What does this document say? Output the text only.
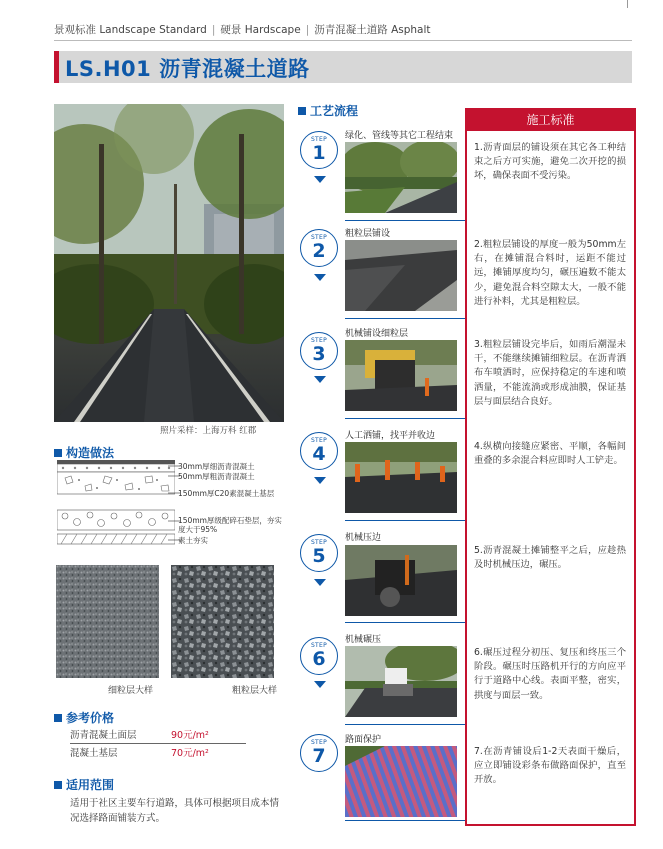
景观标准 Landscape Standard | 硬景 Hardscape | 沥青混凝土道路 Asphalt
LS.H01 沥青混凝土道路
照片采样：上海万科 红郡
构造做法
30mm厚细沥青混凝土
50mm厚粗沥青混凝土
150mm厚C20素混凝土基层
150mm厚级配碎石垫层，夯实度大于95%
素土夯实
细粒层大样	粗粒层大样
参考价格
沥青混凝土面层	90元/m²
混凝土基层	70元/m²
适用范围
适用于社区主要车行道路，具体可根据项目成本情况选择路面铺装方式。
工艺流程
STEP
1
绿化、管线等其它工程结束
STEP
2
粗粒层铺设
STEP
3
机械铺设细粒层
STEP
4
人工洒铺，找平并收边
STEP
5
机械压边
STEP
6
机械碾压
STEP
7
路面保护
施工标准
1.沥青面层的铺设须在其它各工种结束之后方可实施，避免二次开挖的损坏，确保表面不受污染。
2.粗粒层铺设的厚度一般为50mm左右，在摊铺混合料时，运距不能过远，摊铺厚度均匀，碾压遍数不能太少，避免混合料空隙太大，一般不能进行补料，尤其是粗粒层。
3.粗粒层铺设完毕后，如雨后潮湿未干，不能继续摊铺细粒层。在沥青洒布车喷洒时，应保持稳定的车速和喷洒量，不能流淌或形成油膜，保证基层与面层结合良好。
4.纵横向接缝应紧密、平顺，各幅间重叠的多余混合料应即时人工铲走。
5.沥青混凝土摊铺整平之后，应趁热及时机械压边，碾压。
6.碾压过程分初压、复压和终压三个阶段。碾压时压路机开行的方向应平行于道路中心线。表面平整，密实，拱度与面层一致。
7.在沥青铺设后1-2天表面干燥后，应立即铺设彩条布做路面保护，直至开放。
